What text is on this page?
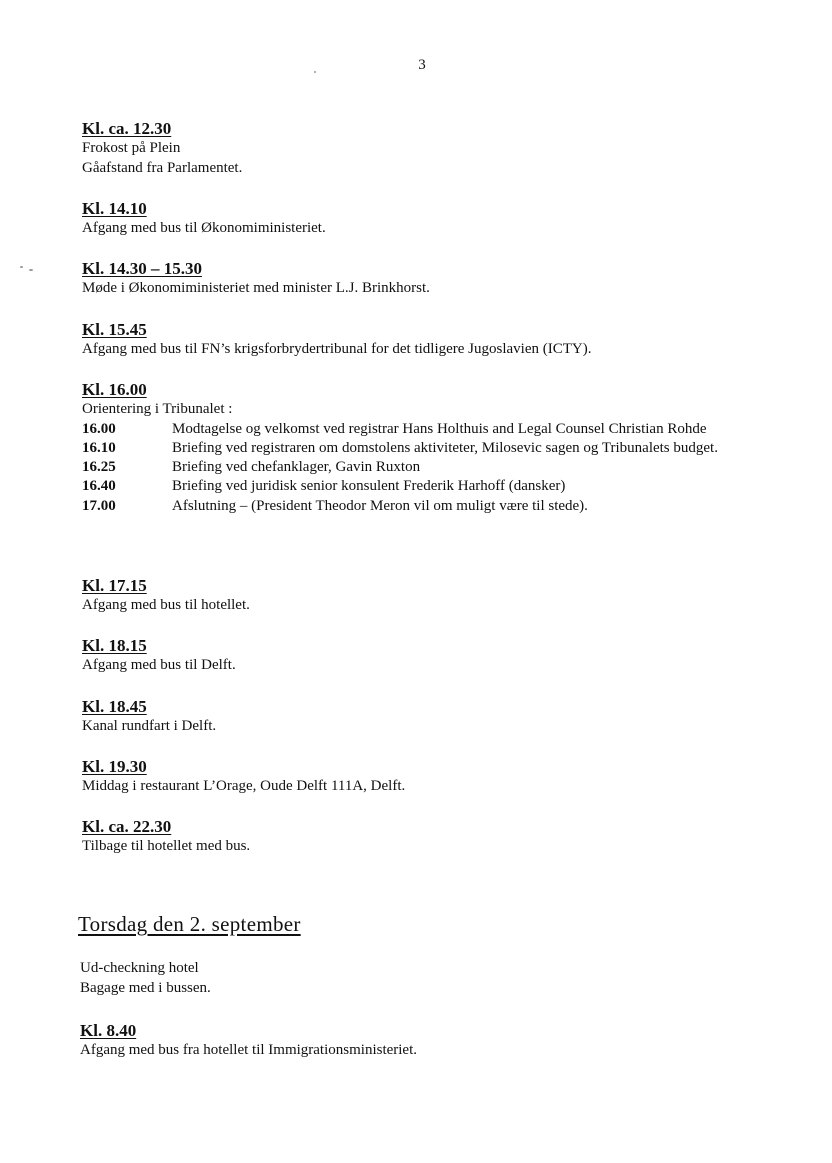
3

Kl. ca. 12.30

Frokost på Plein

Gåafstand fra Parlamentet.

Kl. 14.10

Afgang med bus til Økonomiministeriet.

Kl. 14.30 – 15.30

Møde i Økonomiministeriet med minister L.J. Brinkhorst.

Kl. 15.45

Afgang med bus til FN’s krigsforbrydertribunal for det tidligere Jugoslavien (ICTY).

Kl. 16.00

Orientering i Tribunalet :

16.00	Modtagelse og velkomst ved registrar Hans Holthuis and Legal Counsel Christian Rohde
16.10	Briefing ved registraren om domstolens aktiviteter, Milosevic sagen og Tribunalets budget.
16.25	Briefing ved chefanklager, Gavin Ruxton
16.40	Briefing ved juridisk senior konsulent Frederik Harhoff (dansker)
17.00	Afslutning – (President Theodor Meron vil om muligt være til stede).

Kl. 17.15

Afgang med bus til hotellet.

Kl. 18.15

Afgang med bus til Delft.

Kl. 18.45

Kanal rundfart i Delft.

Kl. 19.30

Middag i restaurant L’Orage, Oude Delft 111A, Delft.

Kl. ca. 22.30

Tilbage til hotellet med bus.

Torsdag den 2. september

Ud-checkning hotel

Bagage med i bussen.

Kl. 8.40

Afgang med bus fra hotellet til Immigrationsministeriet.
